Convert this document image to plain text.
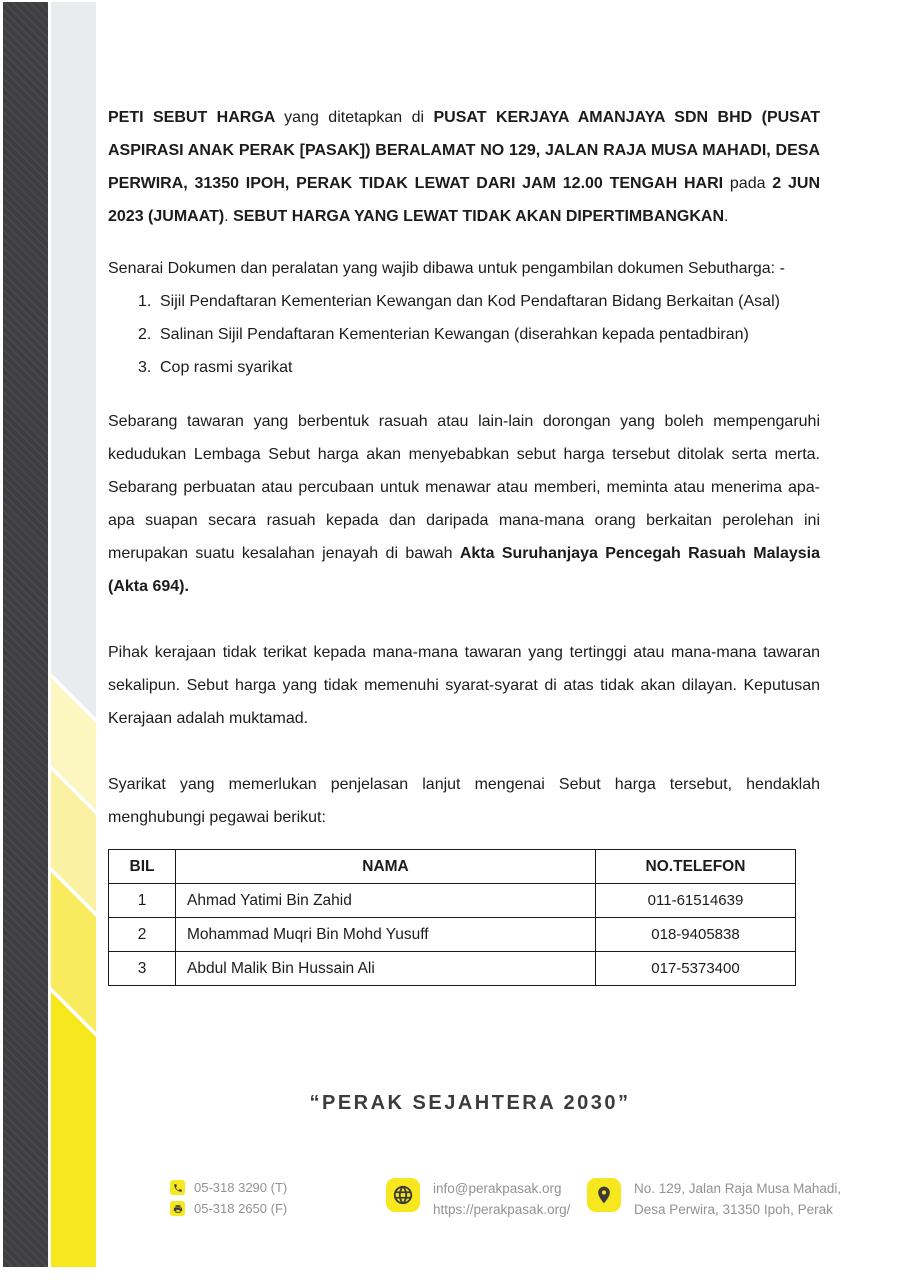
PETI SEBUT HARGA yang ditetapkan di PUSAT KERJAYA AMANJAYA SDN BHD (PUSAT ASPIRASI ANAK PERAK [PASAK]) BERALAMAT NO 129, JALAN RAJA MUSA MAHADI, DESA PERWIRA, 31350 IPOH, PERAK TIDAK LEWAT DARI JAM 12.00 TENGAH HARI pada 2 JUN 2023 (JUMAAT). SEBUT HARGA YANG LEWAT TIDAK AKAN DIPERTIMBANGKAN.

Senarai Dokumen dan peralatan yang wajib dibawa untuk pengambilan dokumen Sebutharga: -

1. Sijil Pendaftaran Kementerian Kewangan dan Kod Pendaftaran Bidang Berkaitan (Asal)
2. Salinan Sijil Pendaftaran Kementerian Kewangan (diserahkan kepada pentadbiran)
3. Cop rasmi syarikat

Sebarang tawaran yang berbentuk rasuah atau lain-lain dorongan yang boleh mempengaruhi kedudukan Lembaga Sebut harga akan menyebabkan sebut harga tersebut ditolak serta merta. Sebarang perbuatan atau percubaan untuk menawar atau memberi, meminta atau menerima apa-apa suapan secara rasuah kepada dan daripada mana-mana orang berkaitan perolehan ini merupakan suatu kesalahan jenayah di bawah Akta Suruhanjaya Pencegah Rasuah Malaysia (Akta 694).

Pihak kerajaan tidak terikat kepada mana-mana tawaran yang tertinggi atau mana-mana tawaran sekalipun. Sebut harga yang tidak memenuhi syarat-syarat di atas tidak akan dilayan. Keputusan Kerajaan adalah muktamad.

Syarikat yang memerlukan penjelasan lanjut mengenai Sebut harga tersebut, hendaklah menghubungi pegawai berikut:

BIL	NAMA	NO.TELEFON
1	Ahmad Yatimi Bin Zahid	011-61514639
2	Mohammad Muqri Bin Mohd Yusuff	018-9405838
3	Abdul Malik Bin Hussain Ali	017-5373400
“PERAK SEJAHTERA 2030”
05-318 3290 (T)
05-318 2650 (F)
info@perakpasak.org
https://perakpasak.org/
No. 129, Jalan Raja Musa Mahadi,
Desa Perwira, 31350 Ipoh, Perak
